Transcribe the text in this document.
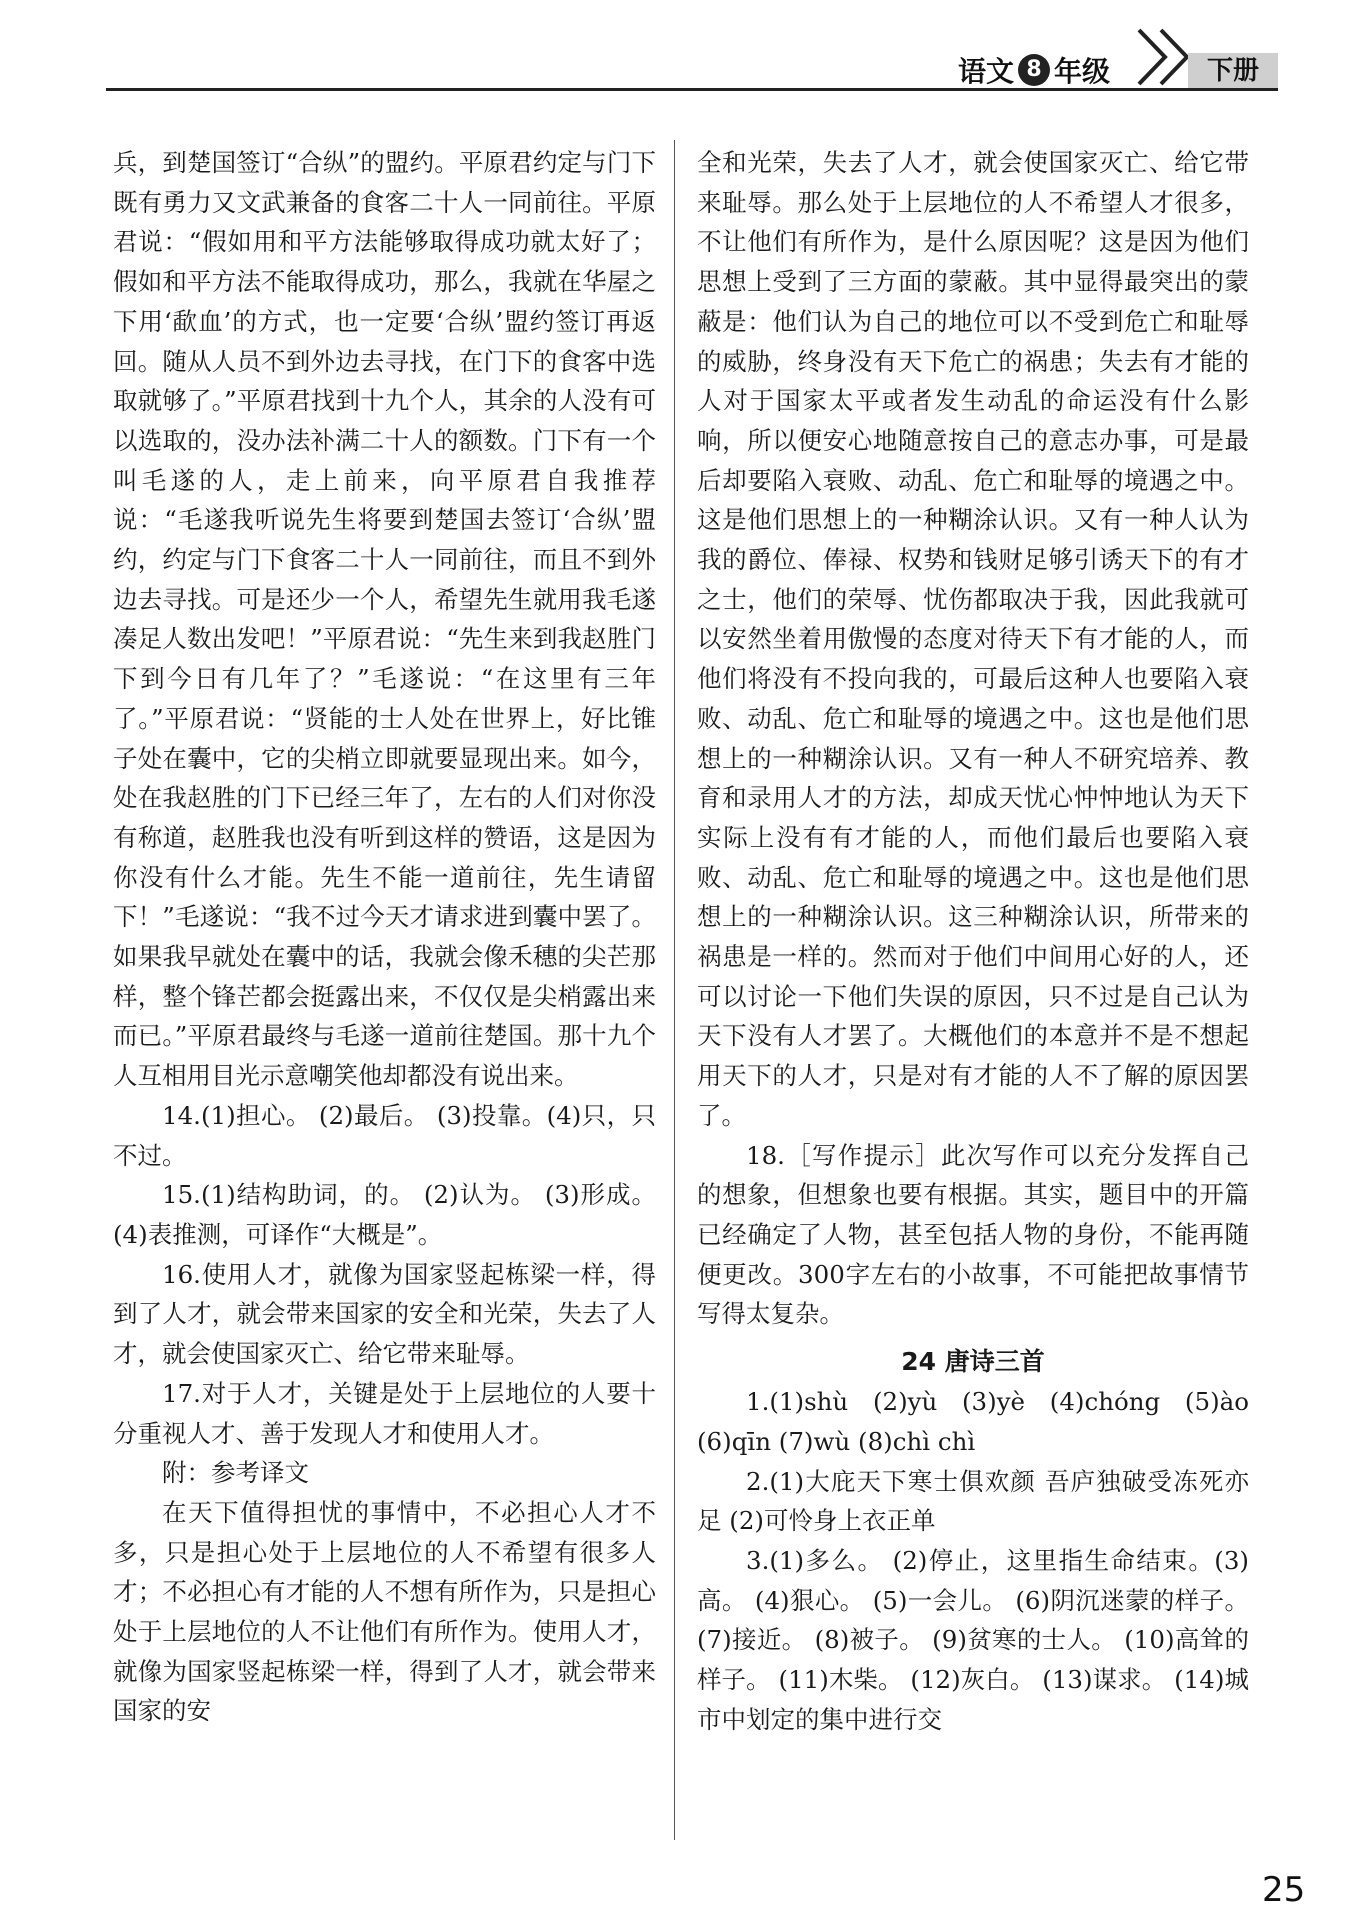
语文 8 年级	下册

兵，到楚国签订“合纵”的盟约。平原君约定与门下既有勇力又文武兼备的食客二十人一同前往。平原君说：“假如用和平方法能够取得成功就太好了；假如和平方法不能取得成功，那么，我就在华屋之下用‘歃血’的方式，也一定要‘合纵’盟约签订再返回。随从人员不到外边去寻找，在门下的食客中选取就够了。”平原君找到十九个人，其余的人没有可以选取的，没办法补满二十人的额数。门下有一个叫毛遂的人，走上前来，向平原君自我推荐说：“毛遂我听说先生将要到楚国去签订‘合纵’盟约，约定与门下食客二十人一同前往，而且不到外边去寻找。可是还少一个人，希望先生就用我毛遂凑足人数出发吧！”平原君说：“先生来到我赵胜门下到今日有几年了？”毛遂说：“在这里有三年了。”平原君说：“贤能的士人处在世界上，好比锥子处在囊中，它的尖梢立即就要显现出来。如今，处在我赵胜的门下已经三年了，左右的人们对你没有称道，赵胜我也没有听到这样的赞语，这是因为你没有什么才能。先生不能一道前往，先生请留下！”毛遂说：“我不过今天才请求进到囊中罢了。如果我早就处在囊中的话，我就会像禾穗的尖芒那样，整个锋芒都会挺露出来，不仅仅是尖梢露出来而已。”平原君最终与毛遂一道前往楚国。那十九个人互相用目光示意嘲笑他却都没有说出来。

14.(1)担心。 (2)最后。 (3)投靠。(4)只，只不过。

15.(1)结构助词，的。 (2)认为。 (3)形成。(4)表推测，可译作“大概是”。

16.使用人才，就像为国家竖起栋梁一样，得到了人才，就会带来国家的安全和光荣，失去了人才，就会使国家灭亡、给它带来耻辱。

17.对于人才，关键是处于上层地位的人要十分重视人才、善于发现人才和使用人才。

附：参考译文

在天下值得担忧的事情中，不必担心人才不多，只是担心处于上层地位的人不希望有很多人才；不必担心有才能的人不想有所作为，只是担心处于上层地位的人不让他们有所作为。使用人才，就像为国家竖起栋梁一样，得到了人才，就会带来国家的安

全和光荣，失去了人才，就会使国家灭亡、给它带来耻辱。那么处于上层地位的人不希望人才很多，不让他们有所作为，是什么原因呢？这是因为他们思想上受到了三方面的蒙蔽。其中显得最突出的蒙蔽是：他们认为自己的地位可以不受到危亡和耻辱的威胁，终身没有天下危亡的祸患；失去有才能的人对于国家太平或者发生动乱的命运没有什么影响，所以便安心地随意按自己的意志办事，可是最后却要陷入衰败、动乱、危亡和耻辱的境遇之中。这是他们思想上的一种糊涂认识。又有一种人认为我的爵位、俸禄、权势和钱财足够引诱天下的有才之士，他们的荣辱、忧伤都取决于我，因此我就可以安然坐着用傲慢的态度对待天下有才能的人，而他们将没有不投向我的，可最后这种人也要陷入衰败、动乱、危亡和耻辱的境遇之中。这也是他们思想上的一种糊涂认识。又有一种人不研究培养、教育和录用人才的方法，却成天忧心忡忡地认为天下实际上没有有才能的人，而他们最后也要陷入衰败、动乱、危亡和耻辱的境遇之中。这也是他们思想上的一种糊涂认识。这三种糊涂认识，所带来的祸患是一样的。然而对于他们中间用心好的人，还可以讨论一下他们失误的原因，只不过是自己认为天下没有人才罢了。大概他们的本意并不是不想起用天下的人才，只是对有才能的人不了解的原因罢了。

18.［写作提示］此次写作可以充分发挥自己的想象，但想象也要有根据。其实，题目中的开篇已经确定了人物，甚至包括人物的身份，不能再随便更改。300字左右的小故事，不可能把故事情节写得太复杂。

24 唐诗三首

1.(1)shù (2)yù (3)yè (4)chóng (5)ào (6)qīn (7)wù (8)chì chì

2.(1)大庇天下寒士俱欢颜 吾庐独破受冻死亦足 (2)可怜身上衣正单

3.(1)多么。 (2)停止，这里指生命结束。(3)高。 (4)狠心。 (5)一会儿。 (6)阴沉迷蒙的样子。 (7)接近。 (8)被子。 (9)贫寒的士人。 (10)高耸的样子。 (11)木柴。 (12)灰白。 (13)谋求。 (14)城市中划定的集中进行交

25
